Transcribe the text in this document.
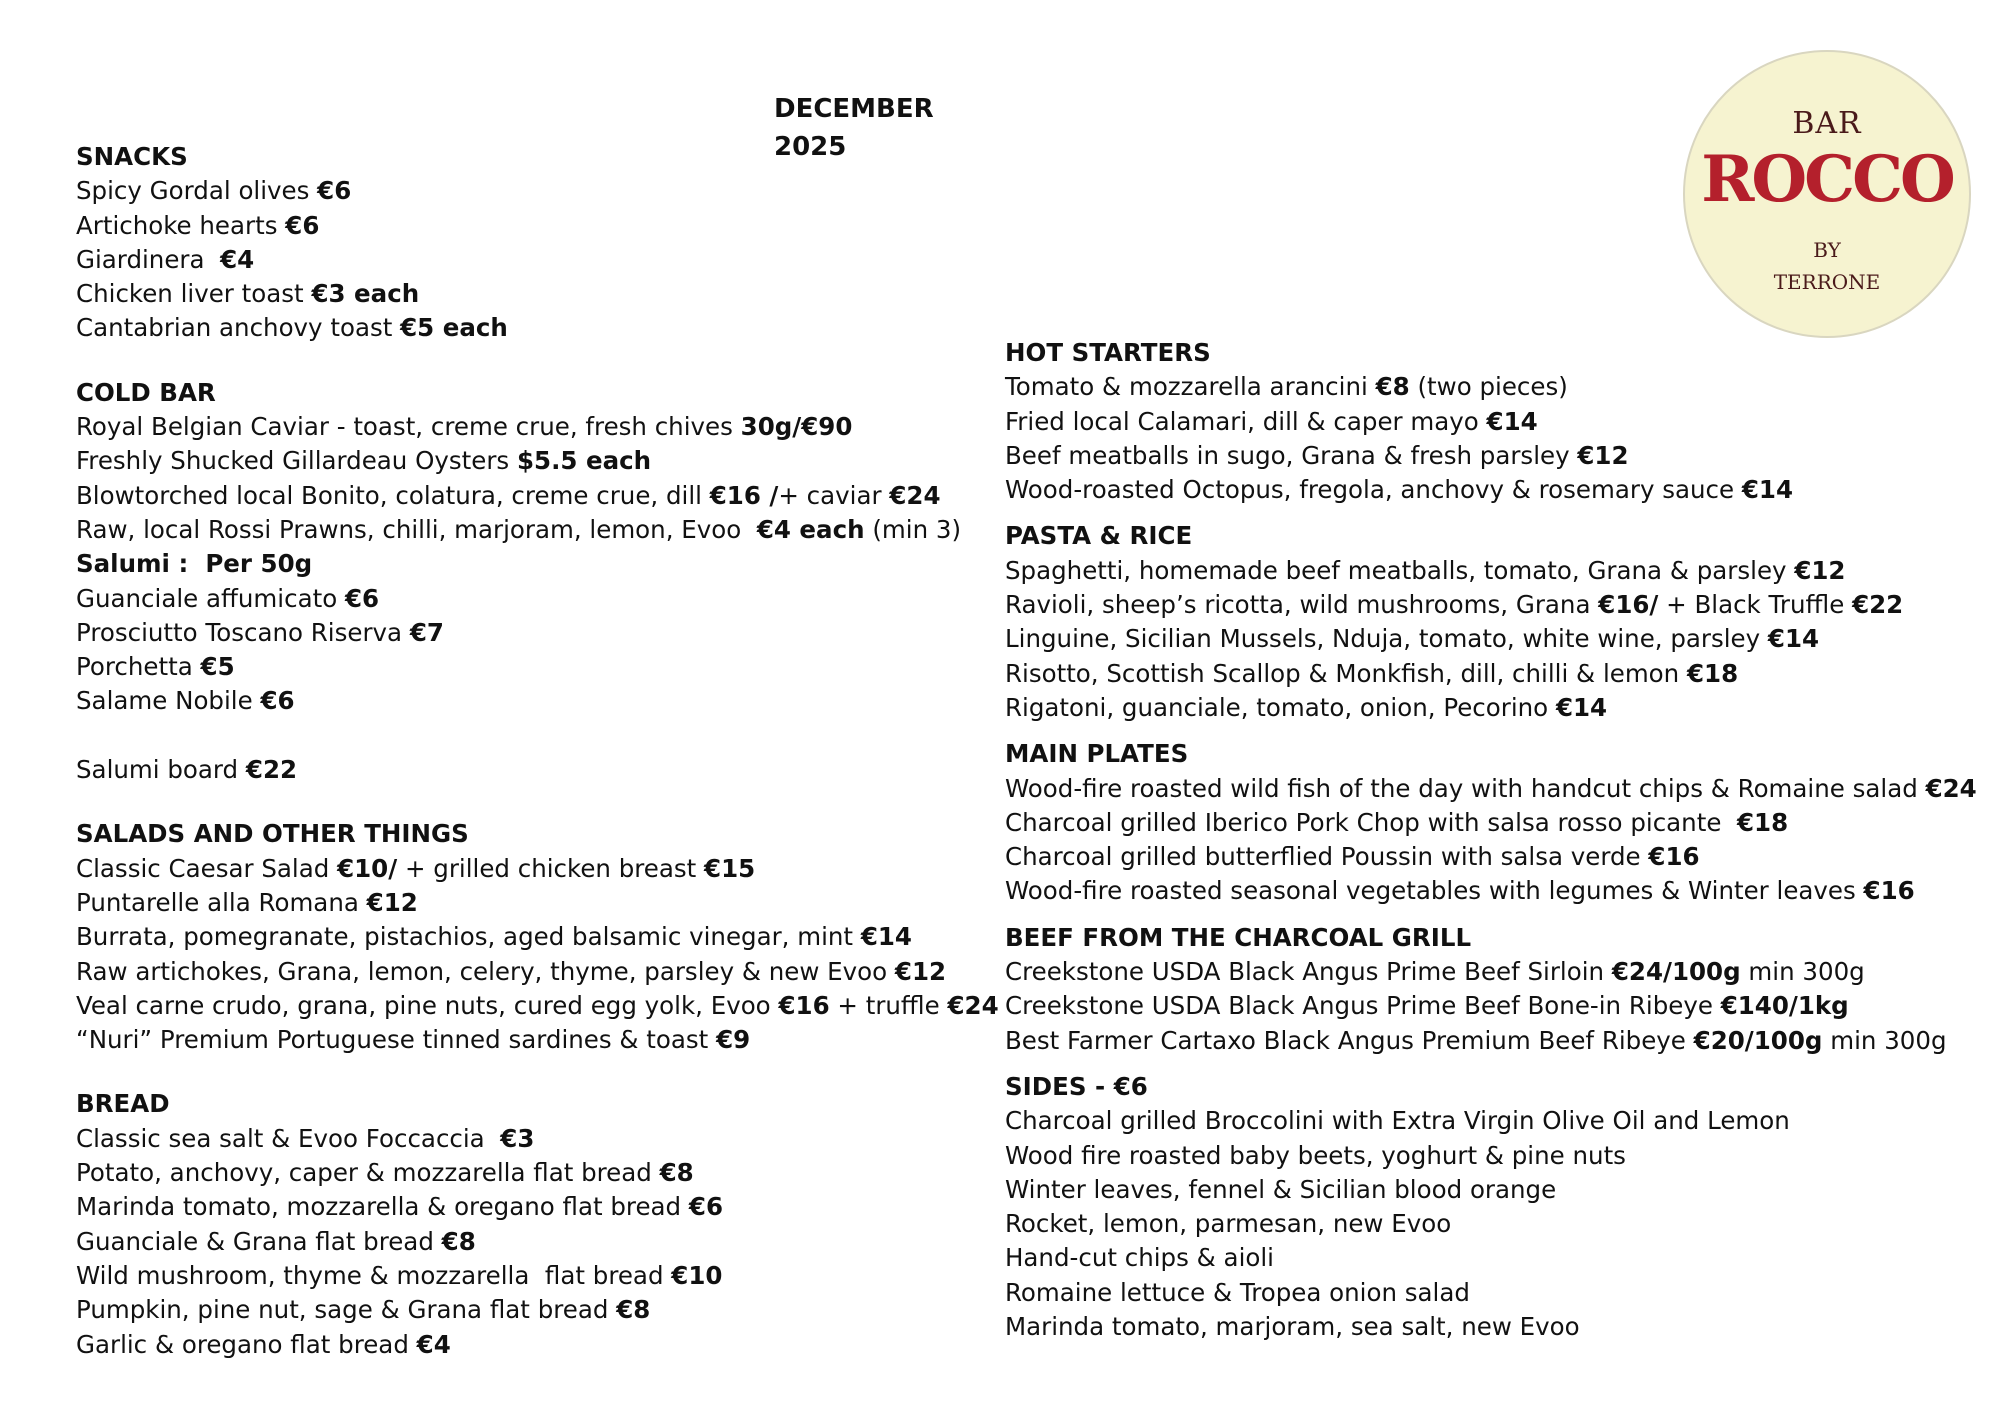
DECEMBER
2025
BAR
ROCCO
BY
TERRONE
SNACKS
Spicy Gordal olives €6
Artichoke hearts €6
Giardinera  €4
Chicken liver toast €3 each
Cantabrian anchovy toast €5 each
COLD BAR
Royal Belgian Caviar - toast, creme crue, fresh chives 30g/€90
Freshly Shucked Gillardeau Oysters $5.5 each
Blowtorched local Bonito, colatura, creme crue, dill €16 /+ caviar €24
Raw, local Rossi Prawns, chilli, marjoram, lemon, Evoo  €4 each (min 3)
Salumi :  Per 50g
Guanciale affumicato €6
Prosciutto Toscano Riserva €7
Porchetta €5
Salame Nobile €6
Salumi board €22
SALADS AND OTHER THINGS
Classic Caesar Salad €10/ + grilled chicken breast €15
Puntarelle alla Romana €12
Burrata, pomegranate, pistachios, aged balsamic vinegar, mint €14
Raw artichokes, Grana, lemon, celery, thyme, parsley & new Evoo €12
Veal carne crudo, grana, pine nuts, cured egg yolk, Evoo €16 + truffle €24
“Nuri” Premium Portuguese tinned sardines & toast €9
BREAD
Classic sea salt & Evoo Foccaccia  €3
Potato, anchovy, caper & mozzarella flat bread €8
Marinda tomato, mozzarella & oregano flat bread €6
Guanciale & Grana flat bread €8
Wild mushroom, thyme & mozzarella  flat bread €10
Pumpkin, pine nut, sage & Grana flat bread €8
Garlic & oregano flat bread €4
HOT STARTERS
Tomato & mozzarella arancini €8 (two pieces)
Fried local Calamari, dill & caper mayo €14
Beef meatballs in sugo, Grana & fresh parsley €12
Wood-roasted Octopus, fregola, anchovy & rosemary sauce €14
PASTA & RICE
Spaghetti, homemade beef meatballs, tomato, Grana & parsley €12
Ravioli, sheep’s ricotta, wild mushrooms, Grana €16/ + Black Truffle €22
Linguine, Sicilian Mussels, Nduja, tomato, white wine, parsley €14
Risotto, Scottish Scallop & Monkfish, dill, chilli & lemon €18
Rigatoni, guanciale, tomato, onion, Pecorino €14
MAIN PLATES
Wood-fire roasted wild fish of the day with handcut chips & Romaine salad €24
Charcoal grilled Iberico Pork Chop with salsa rosso picante  €18
Charcoal grilled butterflied Poussin with salsa verde €16
Wood-fire roasted seasonal vegetables with legumes & Winter leaves €16
BEEF FROM THE CHARCOAL GRILL
Creekstone USDA Black Angus Prime Beef Sirloin €24/100g min 300g
Creekstone USDA Black Angus Prime Beef Bone-in Ribeye €140/1kg
Best Farmer Cartaxo Black Angus Premium Beef Ribeye €20/100g min 300g
SIDES - €6
Charcoal grilled Broccolini with Extra Virgin Olive Oil and Lemon
Wood fire roasted baby beets, yoghurt & pine nuts
Winter leaves, fennel & Sicilian blood orange
Rocket, lemon, parmesan, new Evoo
Hand-cut chips & aioli
Romaine lettuce & Tropea onion salad
Marinda tomato, marjoram, sea salt, new Evoo
